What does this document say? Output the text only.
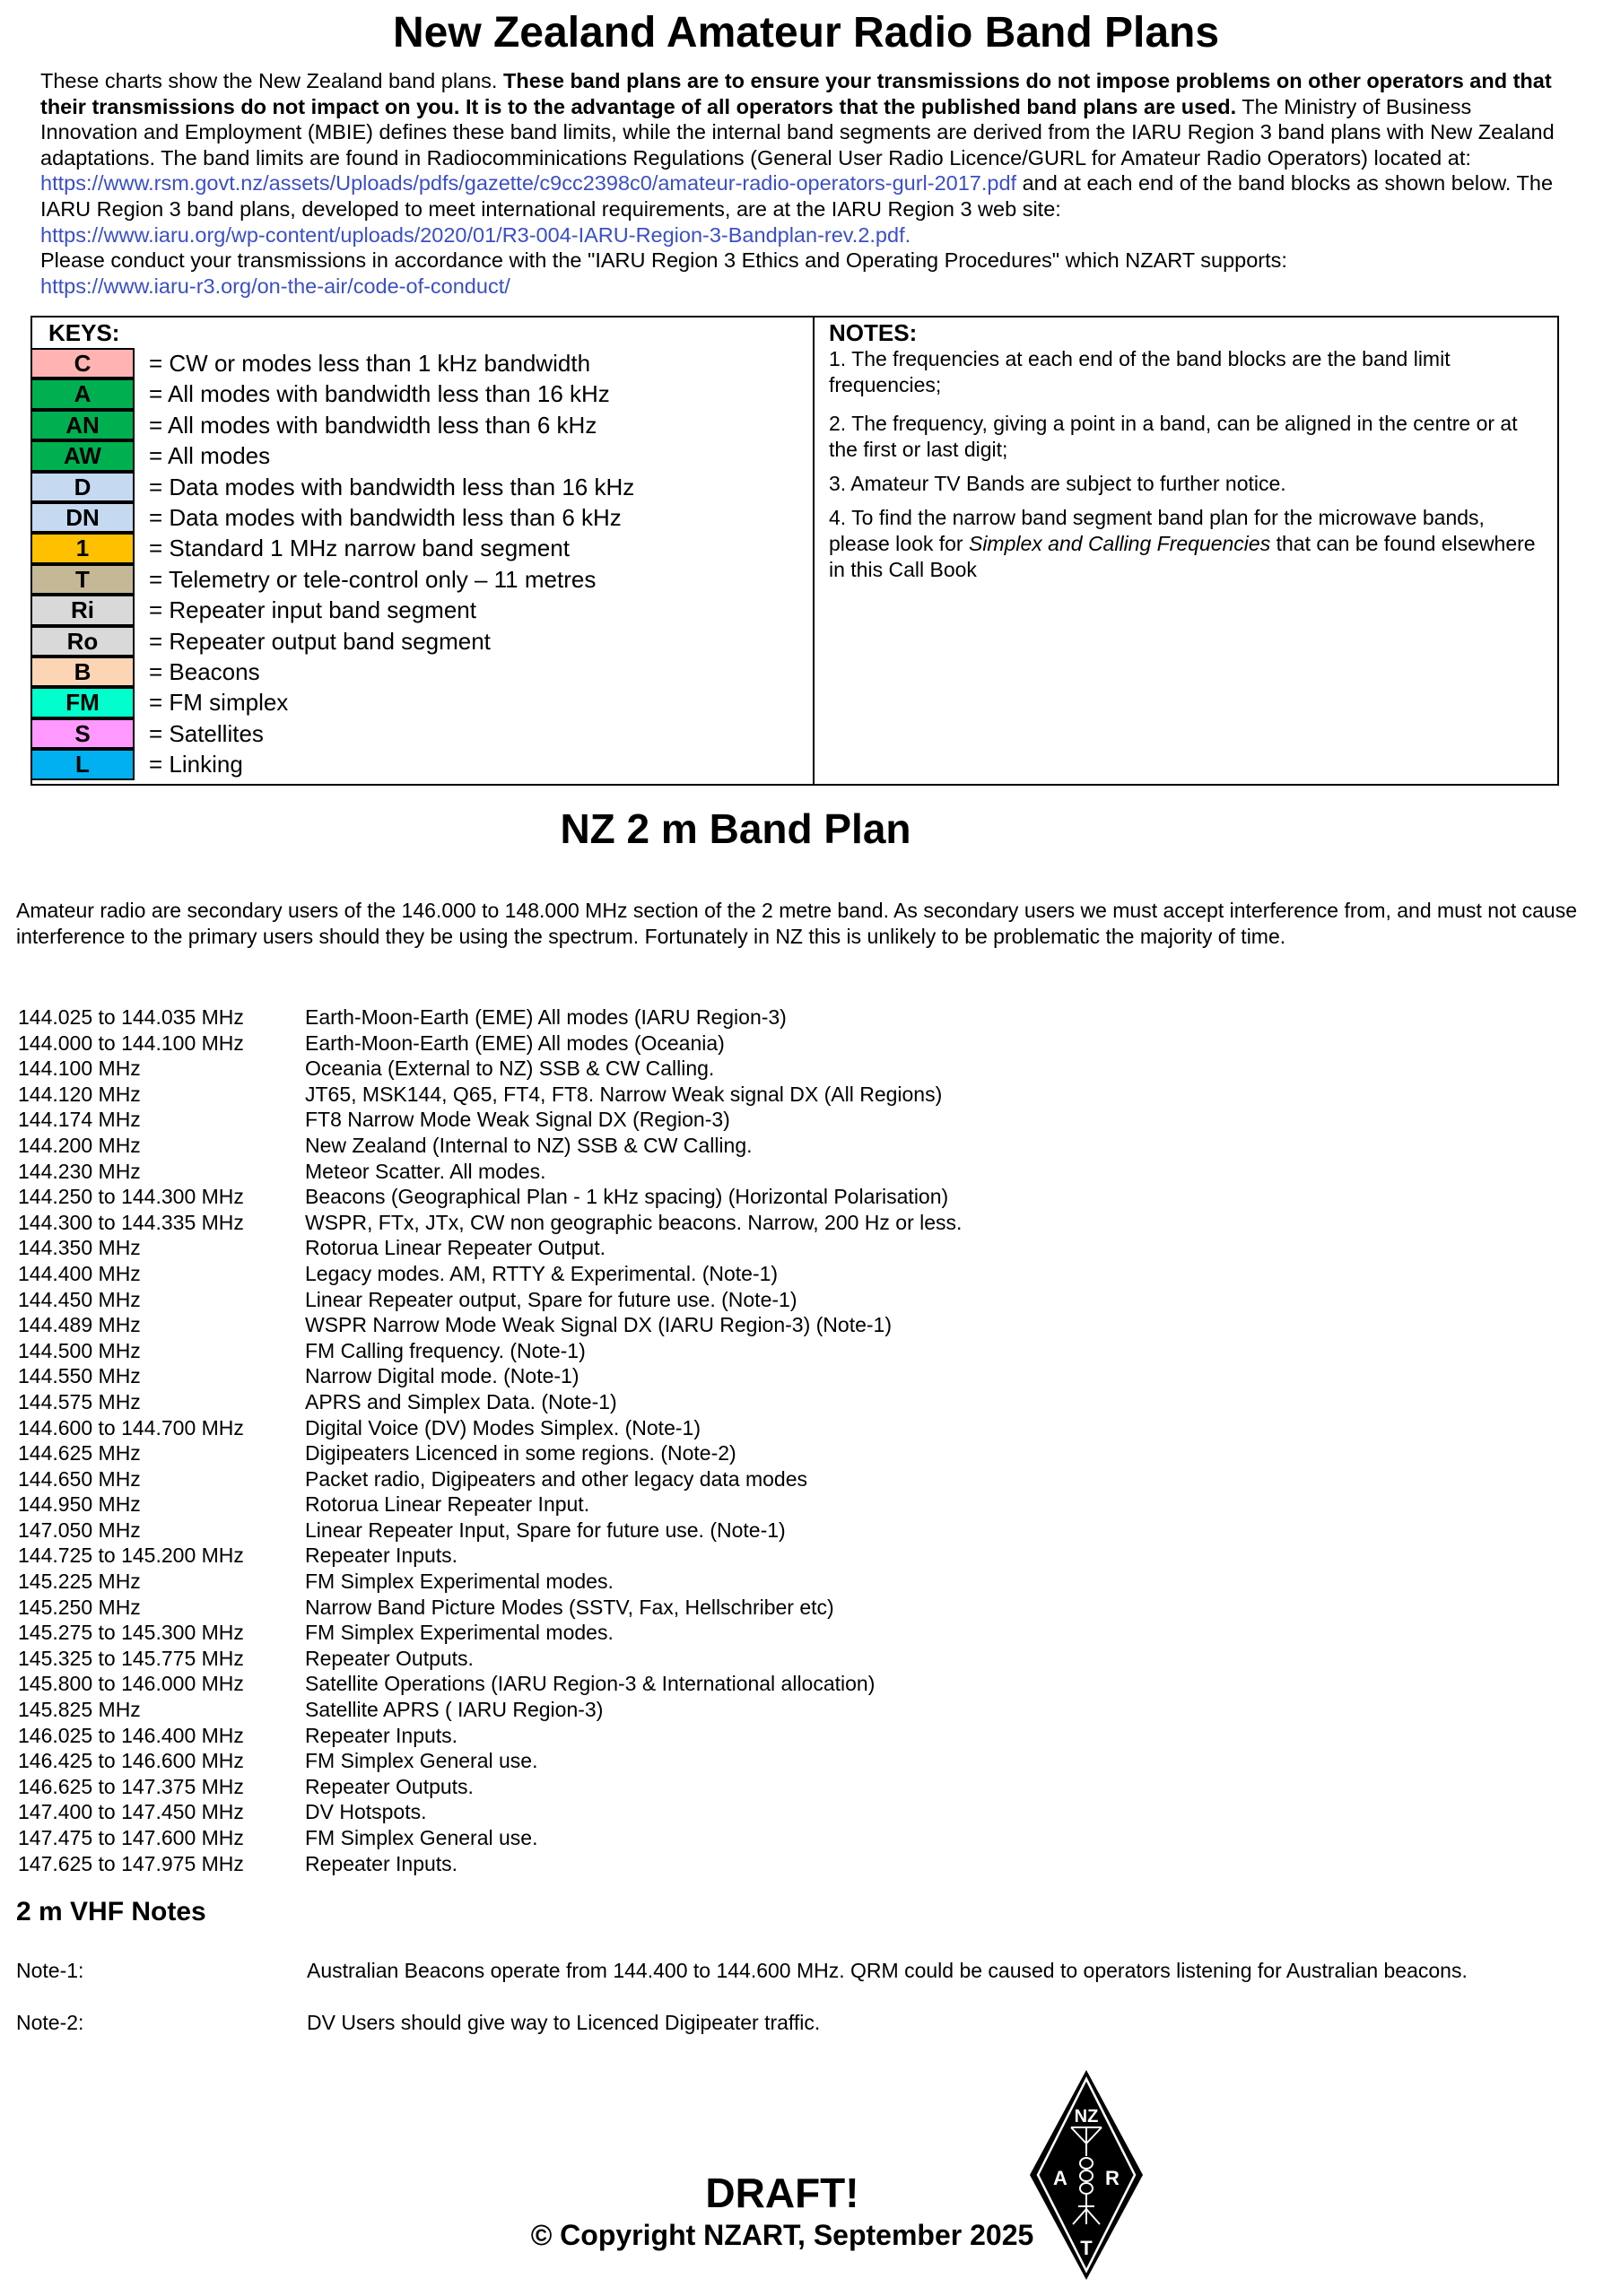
New Zealand Amateur Radio Band Plans
These charts show the New Zealand band plans. These band plans are to ensure your transmissions do not impose problems on other operators and that their transmissions do not impact on you. It is to the advantage of all operators that the published band plans are used. The Ministry of Business Innovation and Employment (MBIE) defines these band limits, while the internal band segments are derived from the IARU Region 3 band plans with New Zealand adaptations. The band limits are found in Radiocomminications Regulations (General User Radio Licence/GURL for Amateur Radio Operators) located at: https://www.rsm.govt.nz/assets/Uploads/pdfs/gazette/c9cc2398c0/amateur-radio-operators-gurl-2017.pdf and at each end of the band blocks as shown below. The IARU Region 3 band plans, developed to meet international requirements, are at the IARU Region 3 web site:
https://www.iaru.org/wp-content/uploads/2020/01/R3-004-IARU-Region-3-Bandplan-rev.2.pdf.
Please conduct your transmissions in accordance with the "IARU Region 3 Ethics and Operating Procedures" which NZART supports:
https://www.iaru-r3.org/on-the-air/code-of-conduct/
KEYS:
C	= CW or modes less than 1 kHz bandwidth
A	= All modes with bandwidth less than 16 kHz
AN	= All modes with bandwidth less than 6 kHz
AW	= All modes
D	= Data modes with bandwidth less than 16 kHz
DN	= Data modes with bandwidth less than 6 kHz
1	= Standard 1 MHz narrow band segment
T	= Telemetry or tele-control only – 11 metres
Ri	= Repeater input band segment
Ro	= Repeater output band segment
B	= Beacons
FM	= FM simplex
S	= Satellites
L	= Linking
NOTES:
1. The frequencies at each end of the band blocks are the band limit frequencies;
2. The frequency, giving a point in a band, can be aligned in the centre or at the first or last digit;
3. Amateur TV Bands are subject to further notice.
4. To find the narrow band segment band plan for the microwave bands, please look for Simplex and Calling Frequencies that can be found elsewhere in this Call Book
NZ 2 m Band Plan
Amateur radio are secondary users of the 146.000 to 148.000 MHz section of the 2 metre band. As secondary users we must accept interference from, and must not cause interference to the primary users should they be using the spectrum. Fortunately in NZ this is unlikely to be problematic the majority of time.
144.025 to 144.035 MHz	Earth-Moon-Earth (EME) All modes (IARU Region-3)
144.000 to 144.100 MHz	Earth-Moon-Earth (EME) All modes (Oceania)
144.100 MHz	Oceania (External to NZ) SSB & CW Calling.
144.120 MHz	JT65, MSK144, Q65, FT4, FT8. Narrow Weak signal DX (All Regions)
144.174 MHz	FT8 Narrow Mode Weak Signal DX (Region-3)
144.200 MHz	New Zealand (Internal to NZ) SSB & CW Calling.
144.230 MHz	Meteor Scatter. All modes.
144.250 to 144.300 MHz	Beacons (Geographical Plan - 1 kHz spacing) (Horizontal Polarisation)
144.300 to 144.335 MHz	WSPR, FTx, JTx, CW non geographic beacons. Narrow, 200 Hz or less.
144.350 MHz	Rotorua Linear Repeater Output.
144.400 MHz	Legacy modes. AM, RTTY & Experimental. (Note-1)
144.450 MHz	Linear Repeater output, Spare for future use. (Note-1)
144.489 MHz	WSPR Narrow Mode Weak Signal DX (IARU Region-3) (Note-1)
144.500 MHz	FM Calling frequency. (Note-1)
144.550 MHz	Narrow Digital mode. (Note-1)
144.575 MHz	APRS and Simplex Data. (Note-1)
144.600 to 144.700 MHz	Digital Voice (DV) Modes Simplex. (Note-1)
144.625 MHz	Digipeaters Licenced in some regions. (Note-2)
144.650 MHz	Packet radio, Digipeaters and other legacy data modes
144.950 MHz	Rotorua Linear Repeater Input.
147.050 MHz	Linear Repeater Input, Spare for future use. (Note-1)
144.725 to 145.200 MHz	Repeater Inputs.
145.225 MHz	FM Simplex Experimental modes.
145.250 MHz	Narrow Band Picture Modes (SSTV, Fax, Hellschriber etc)
145.275 to 145.300 MHz	FM Simplex Experimental modes.
145.325 to 145.775 MHz	Repeater Outputs.
145.800 to 146.000 MHz	Satellite Operations (IARU Region-3 & International allocation)
145.825 MHz	Satellite APRS ( IARU Region-3)
146.025 to 146.400 MHz	Repeater Inputs.
146.425 to 146.600 MHz	FM Simplex General use.
146.625 to 147.375 MHz	Repeater Outputs.
147.400 to 147.450 MHz	DV Hotspots.
147.475 to 147.600 MHz	FM Simplex General use.
147.625 to 147.975 MHz	Repeater Inputs.
2 m VHF Notes
Note-1:	Australian Beacons operate from 144.400 to 144.600 MHz. QRM could be caused to operators listening for Australian beacons.
Note-2:	DV Users should give way to Licenced Digipeater traffic.
DRAFT!
© Copyright NZART, September 2025
NZ
A R
T
